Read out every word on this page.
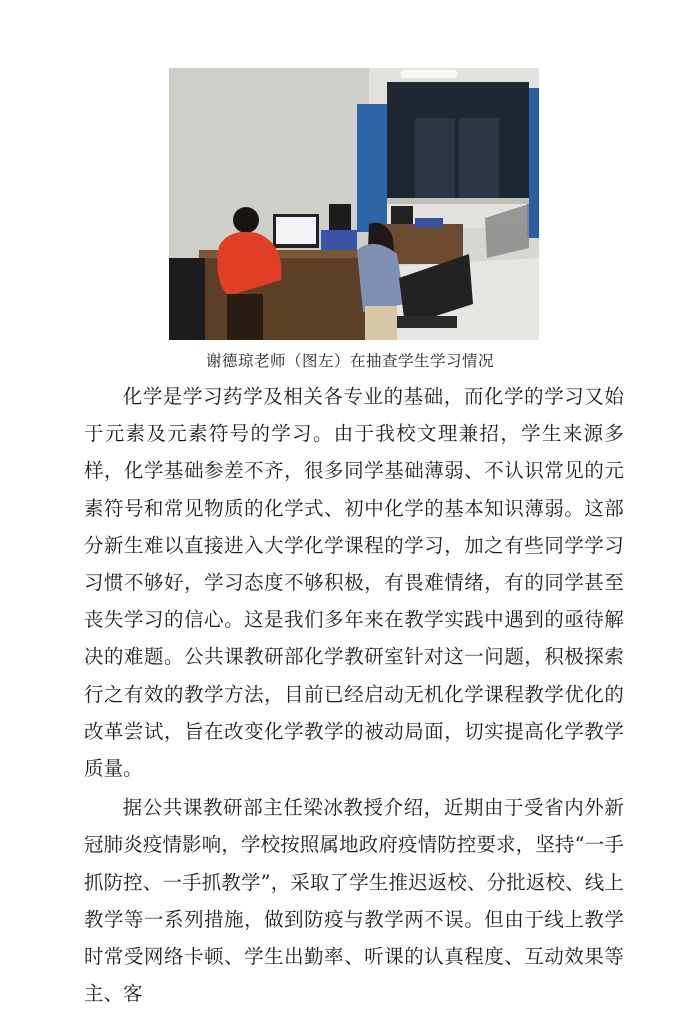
谢德琼老师（图左）在抽查学生学习情况

化学是学习药学及相关各专业的基础，而化学的学习又始于元素及元素符号的学习。由于我校文理兼招，学生来源多样，化学基础参差不齐，很多同学基础薄弱、不认识常见的元素符号和常见物质的化学式、初中化学的基本知识薄弱。这部分新生难以直接进入大学化学课程的学习，加之有些同学学习习惯不够好，学习态度不够积极，有畏难情绪，有的同学甚至丧失学习的信心。这是我们多年来在教学实践中遇到的亟待解决的难题。公共课教研部化学教研室针对这一问题，积极探索行之有效的教学方法，目前已经启动无机化学课程教学优化的改革尝试，旨在改变化学教学的被动局面，切实提高化学教学质量。

据公共课教研部主任梁冰教授介绍，近期由于受省内外新冠肺炎疫情影响，学校按照属地政府疫情防控要求，坚持“一手抓防控、一手抓教学”，采取了学生推迟返校、分批返校、线上教学等一系列措施，做到防疫与教学两不误。但由于线上教学时常受网络卡顿、学生出勤率、听课的认真程度、互动效果等主、客
